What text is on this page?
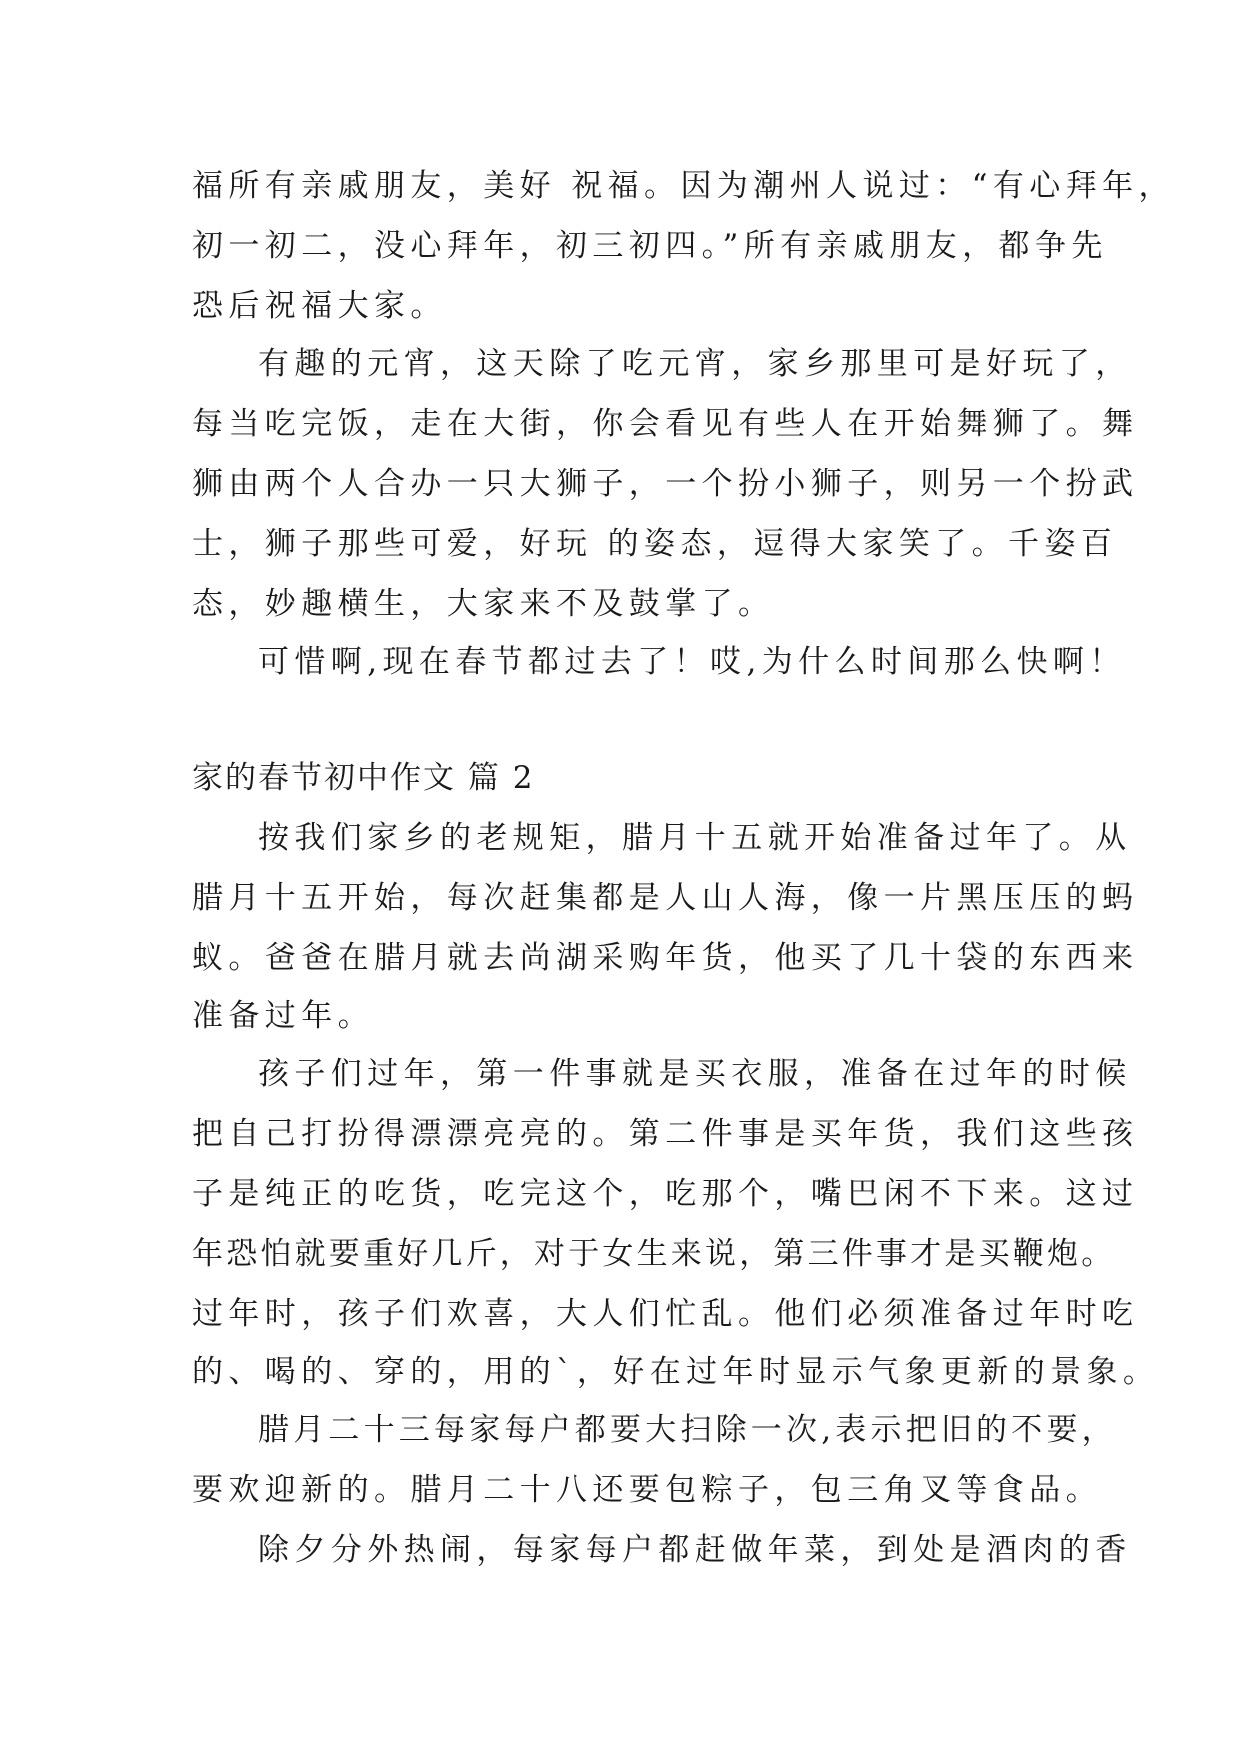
福所有亲戚朋友，美好 祝福。因为潮州人说过：“有心拜年，
初一初二，没心拜年，初三初四。”所有亲戚朋友，都争先
恐后祝福大家。
有趣的元宵，这天除了吃元宵，家乡那里可是好玩了，
每当吃完饭，走在大街，你会看见有些人在开始舞狮了。舞
狮由两个人合办一只大狮子，一个扮小狮子，则另一个扮武
士，狮子那些可爱，好玩 的姿态，逗得大家笑了。千姿百
态，妙趣横生，大家来不及鼓掌了。
可惜啊,现在春节都过去了！哎,为什么时间那么快啊！
家的春节初中作文 篇 2
按我们家乡的老规矩，腊月十五就开始准备过年了。从
腊月十五开始，每次赶集都是人山人海，像一片黑压压的蚂
蚁。爸爸在腊月就去尚湖采购年货，他买了几十袋的东西来
准备过年。
孩子们过年，第一件事就是买衣服，准备在过年的时候
把自己打扮得漂漂亮亮的。第二件事是买年货，我们这些孩
子是纯正的吃货，吃完这个，吃那个，嘴巴闲不下来。这过
年恐怕就要重好几斤，对于女生来说，第三件事才是买鞭炮。
过年时，孩子们欢喜，大人们忙乱。他们必须准备过年时吃
的、喝的、穿的，用的`，好在过年时显示气象更新的景象。
腊月二十三每家每户都要大扫除一次,表示把旧的不要，
要欢迎新的。腊月二十八还要包粽子，包三角叉等食品。
除夕分外热闹，每家每户都赶做年菜，到处是酒肉的香
